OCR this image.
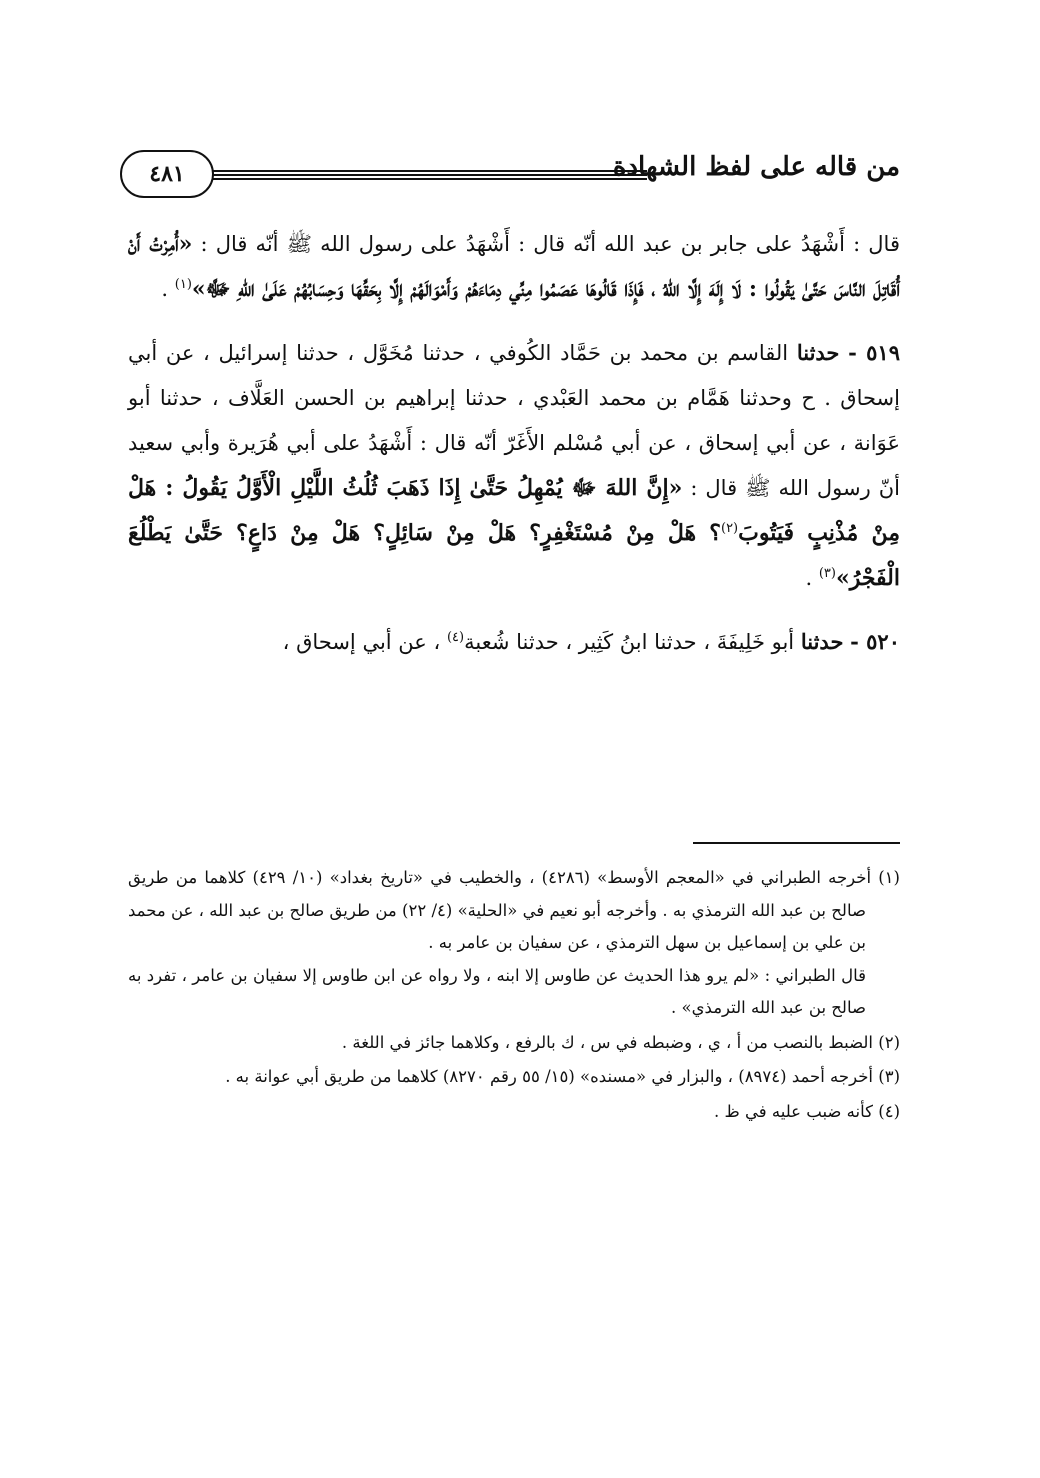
٤٨١	من قاله على لفظ الشهادة

قال : أَشْهَدُ على جابر بن عبد الله أنّه قال : أَشْهَدُ على رسول الله ﷺ أنّه قال : «أُمِرْتُ أَنْ أُقَاتِلَ النَّاسَ حَتَّىٰ يَقُولُوا : لَا إِلَهَ إِلَّا اللهُ ، فَإِذَا قَالُوهَا عَصَمُوا مِنِّي دِمَاءَهُمْ وَأَمْوَالَهُمْ إِلَّا بِحَقِّهَا وَحِسَابُهُمْ عَلَىٰ اللهِ ﷻ»$^{(١)}$ .

٥١٩ - حدثنا القاسم بن محمد بن حَمَّاد الكُوفي ، حدثنا مُخَوَّل ، حدثنا إسرائيل ، عن أبي إسحاق . ح وحدثنا هَمَّام بن محمد العَبْدي ، حدثنا إبراهيم بن الحسن العَلَّاف ، حدثنا أبو عَوَانة ، عن أبي إسحاق ، عن أبي مُسْلم الأَغَرّ أنّه قال : أَشْهَدُ على أبي هُرَيرة وأبي سعيد أنّ رسول الله ﷺ قال : «إِنَّ اللهَ ﷻ يُمْهِلُ حَتَّىٰ إِذَا ذَهَبَ ثُلُثُ اللَّيْلِ الْأَوَّلُ يَقُولُ : هَلْ مِنْ مُذْنِبٍ فَيَتُوبَ$^{(٢)}$؟ هَلْ مِنْ مُسْتَغْفِرٍ؟ هَلْ مِنْ سَائِلٍ؟ هَلْ مِنْ دَاعٍ؟ حَتَّىٰ يَطْلُعَ الْفَجْرُ»$^{(٣)}$ .

٥٢٠ - حدثنا أبو خَلِيفَةَ ، حدثنا ابنُ كَثِير ، حدثنا شُعبة$^{(٤)}$ ، عن أبي إسحاق ،

(١) أخرجه الطبراني في «المعجم الأوسط» (٤٢٨٦) ، والخطيب في «تاريخ بغداد» (١٠/ ٤٢٩) كلاهما من طريق صالح بن عبد الله الترمذي به . وأخرجه أبو نعيم في «الحلية» (٤/ ٢٢) من طريق صالح بن عبد الله ، عن محمد بن علي بن إسماعيل بن سهل الترمذي ، عن سفيان بن عامر به .
قال الطبراني : «لم يرو هذا الحديث عن طاوس إلا ابنه ، ولا رواه عن ابن طاوس إلا سفيان بن عامر ، تفرد به صالح بن عبد الله الترمذي» .
(٢) الضبط بالنصب من أ ، ي ، وضبطه في س ، ك بالرفع ، وكلاهما جائز في اللغة .
(٣) أخرجه أحمد (٨٩٧٤) ، والبزار في «مسنده» (١٥/ ٥٥ رقم ٨٢٧٠) كلاهما من طريق أبي عوانة به .
(٤) كأنه ضبب عليه في ظ .
